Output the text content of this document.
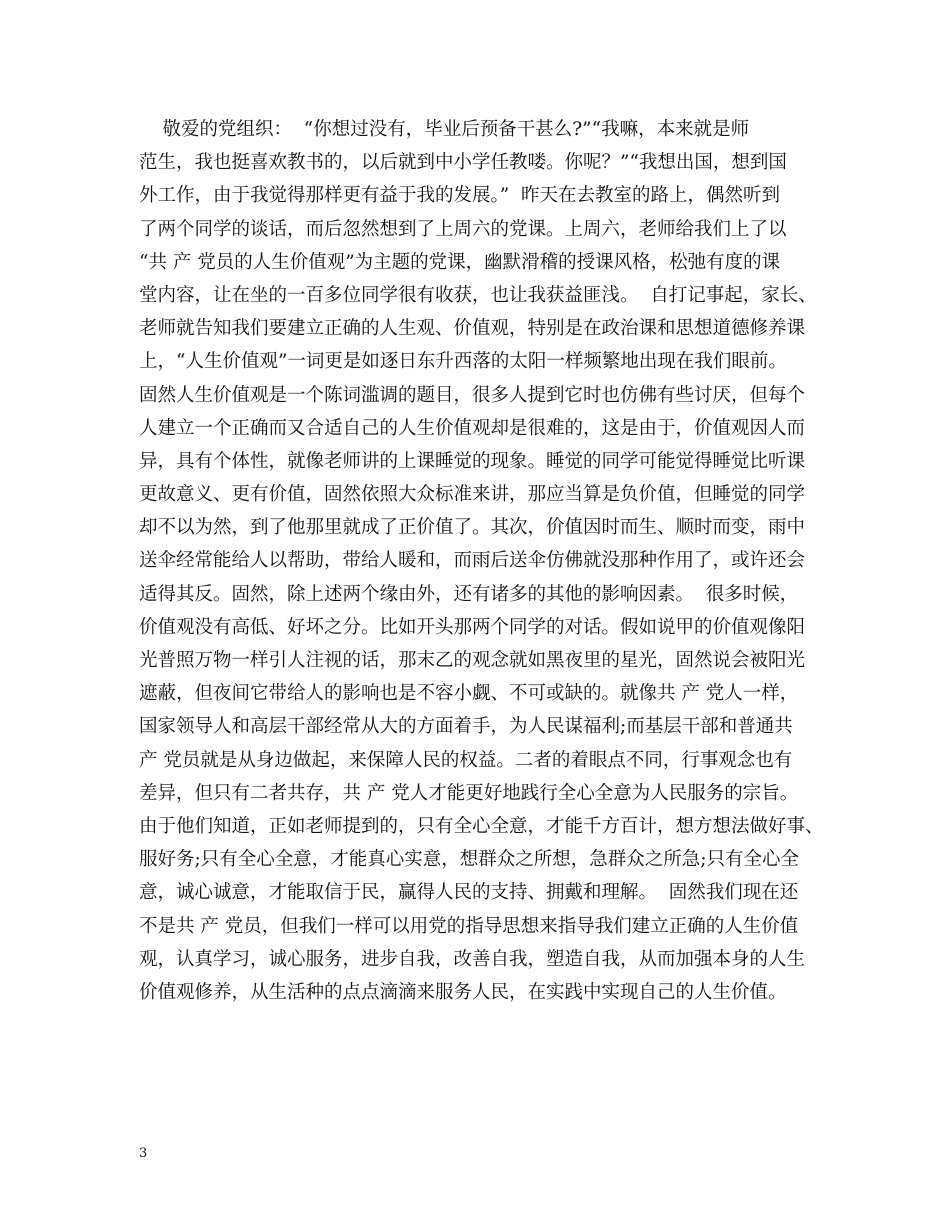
敬爱的党组织：  “你想过没有，毕业后预备干甚么?”“我嘛，本来就是师
范生，我也挺喜欢教书的，以后就到中小学任教喽。你呢？”“我想出国，想到国
外工作，由于我觉得那样更有益于我的发展。”  昨天在去教室的路上，偶然听到
了两个同学的谈话，而后忽然想到了上周六的党课。上周六，老师给我们上了以
“共 产 党员的人生价值观”为主题的党课，幽默滑稽的授课风格，松弛有度的课
堂内容，让在坐的一百多位同学很有收获，也让我获益匪浅。  自打记事起，家长、
老师就告知我们要建立正确的人生观、价值观，特别是在政治课和思想道德修养课
上，“人生价值观”一词更是如逐日东升西落的太阳一样频繁地出现在我们眼前。
固然人生价值观是一个陈词滥调的题目，很多人提到它时也仿佛有些讨厌，但每个
人建立一个正确而又合适自己的人生价值观却是很难的，这是由于，价值观因人而
异，具有个体性，就像老师讲的上课睡觉的现象。睡觉的同学可能觉得睡觉比听课
更故意义、更有价值，固然依照大众标准来讲，那应当算是负价值，但睡觉的同学
却不以为然，到了他那里就成了正价值了。其次，价值因时而生、顺时而变，雨中
送伞经常能给人以帮助，带给人暖和，而雨后送伞仿佛就没那种作用了，或许还会
适得其反。固然，除上述两个缘由外，还有诸多的其他的影响因素。  很多时候，
价值观没有高低、好坏之分。比如开头那两个同学的对话。假如说甲的价值观像阳
光普照万物一样引人注视的话，那末乙的观念就如黑夜里的星光，固然说会被阳光
遮蔽，但夜间它带给人的影响也是不容小觑、不可或缺的。就像共 产 党人一样，
国家领导人和高层干部经常从大的方面着手，为人民谋福利;而基层干部和普通共
产 党员就是从身边做起，来保障人民的权益。二者的着眼点不同，行事观念也有
差异，但只有二者共存，共 产 党人才能更好地践行全心全意为人民服务的宗旨。
由于他们知道，正如老师提到的，只有全心全意，才能千方百计，想方想法做好事、
服好务;只有全心全意，才能真心实意，想群众之所想，急群众之所急;只有全心全
意，诚心诚意，才能取信于民，赢得人民的支持、拥戴和理解。  固然我们现在还
不是共 产 党员，但我们一样可以用党的指导思想来指导我们建立正确的人生价值
观，认真学习，诚心服务，进步自我，改善自我，塑造自我，从而加强本身的人生
价值观修养，从生活种的点点滴滴来服务人民，在实践中实现自己的人生价值。
3
